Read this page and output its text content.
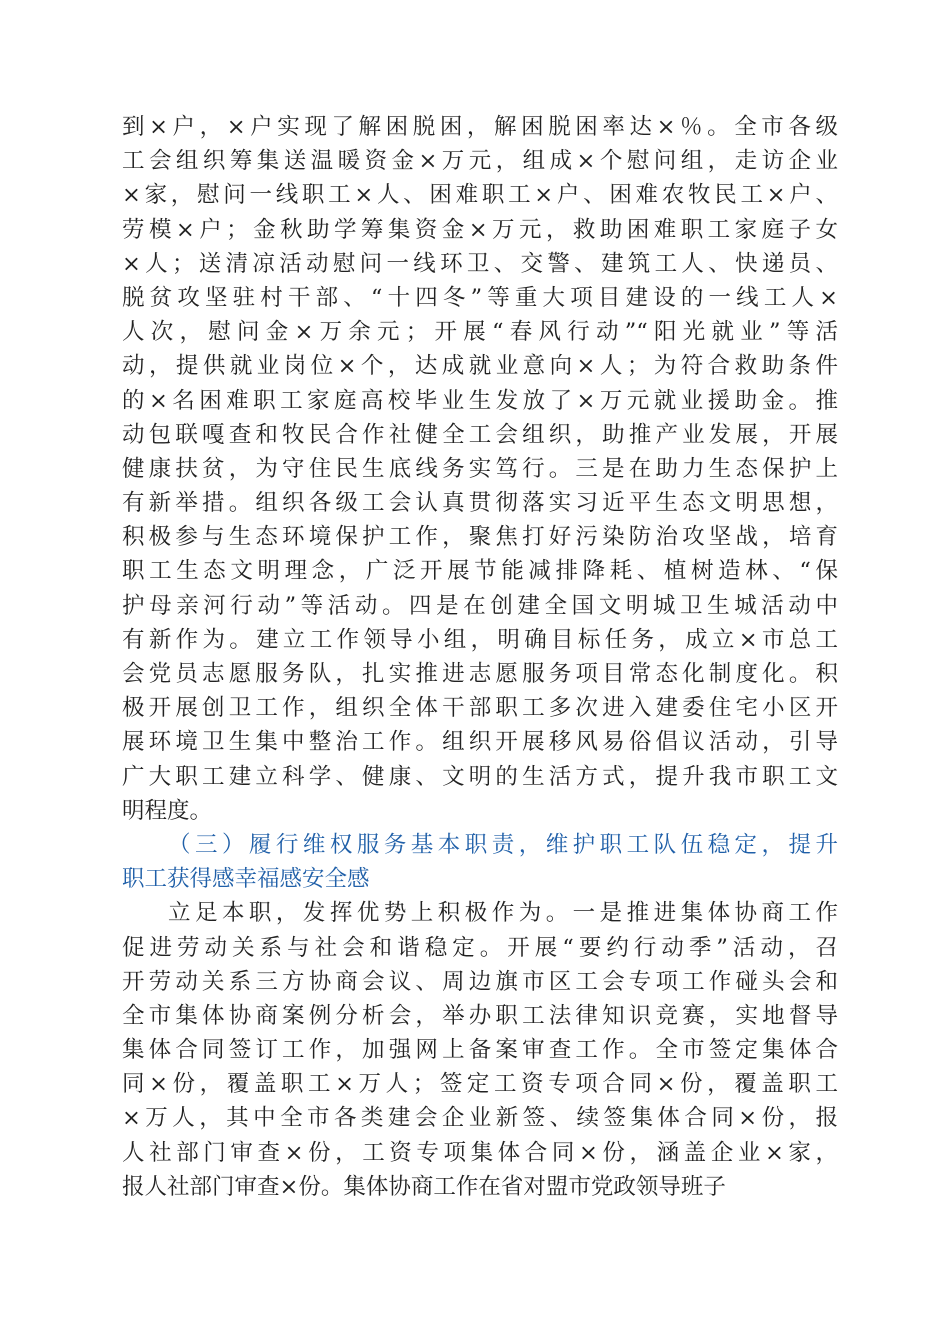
到×户，×户实现了解困脱困，解困脱困率达×％。全市各级
工会组织筹集送温暖资金×万元，组成×个慰问组，走访企业
×家，慰问一线职工×人、困难职工×户、困难农牧民工×户、
劳模×户；金秋助学筹集资金×万元，救助困难职工家庭子女
×人；送清凉活动慰问一线环卫、交警、建筑工人、快递员、
脱贫攻坚驻村干部、“十四冬”等重大项目建设的一线工人×
人次，慰问金×万余元；开展“春风行动”“阳光就业”等活
动，提供就业岗位×个，达成就业意向×人；为符合救助条件
的×名困难职工家庭高校毕业生发放了×万元就业援助金。推
动包联嘎查和牧民合作社健全工会组织，助推产业发展，开展
健康扶贫，为守住民生底线务实笃行。三是在助力生态保护上
有新举措。组织各级工会认真贯彻落实习近平生态文明思想，
积极参与生态环境保护工作，聚焦打好污染防治攻坚战，培育
职工生态文明理念，广泛开展节能减排降耗、植树造林、“保
护母亲河行动”等活动。四是在创建全国文明城卫生城活动中
有新作为。建立工作领导小组，明确目标任务，成立×市总工
会党员志愿服务队，扎实推进志愿服务项目常态化制度化。积
极开展创卫工作，组织全体干部职工多次进入建委住宅小区开
展环境卫生集中整治工作。组织开展移风易俗倡议活动，引导
广大职工建立科学、健康、文明的生活方式，提升我市职工文
明程度。
（三）履行维权服务基本职责，维护职工队伍稳定，提升
职工获得感幸福感安全感
立足本职，发挥优势上积极作为。一是推进集体协商工作
促进劳动关系与社会和谐稳定。开展“要约行动季”活动，召
开劳动关系三方协商会议、周边旗市区工会专项工作碰头会和
全市集体协商案例分析会，举办职工法律知识竞赛，实地督导
集体合同签订工作，加强网上备案审查工作。全市签定集体合
同×份，覆盖职工×万人；签定工资专项合同×份，覆盖职工
×万人，其中全市各类建会企业新签、续签集体合同×份，报
人社部门审查×份，工资专项集体合同×份，涵盖企业×家，
报人社部门审查×份。集体协商工作在省对盟市党政领导班子
